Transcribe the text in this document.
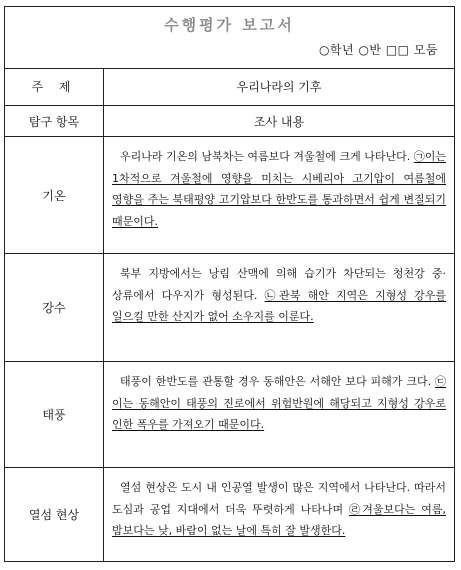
수행평가 보고서
○학년 ○반 □□ 모둠
주 제	우리나라의 기후
탐구 항목	조사 내용
기온

우리나라 기온의 남북차는 여름보다 겨울철에 크게 나타난다. ㉠이는 1차적으로 겨울철에 영향을 미치는 시베리아 고기압이 여름철에 영향을 주는 북태평양 고기압보다 한반도를 통과하면서 쉽게 변질되기 때문이다.

강수

북부 지방에서는 낭림 산맥에 의해 습기가 차단되는 청천강 중·상류에서 다우지가 형성된다. ㉡관북 해안 지역은 지형성 강우를 일으킬 만한 산지가 없어 소우지를 이룬다.

태풍

태풍이 한반도를 관통할 경우 동해안은 서해안 보다 피해가 크다. ㉢이는 동해안이 태풍의 진로에서 위험반원에 해당되고 지형성 강우로 인한 폭우를 가져오기 때문이다.

열섬 현상

열섬 현상은 도시 내 인공열 발생이 많은 지역에서 나타난다. 따라서 도심과 공업 지대에서 더욱 뚜렷하게 나타나며 ㉣겨울보다는 여름, 밤보다는 낮, 바람이 없는 날에 특히 잘 발생한다.
